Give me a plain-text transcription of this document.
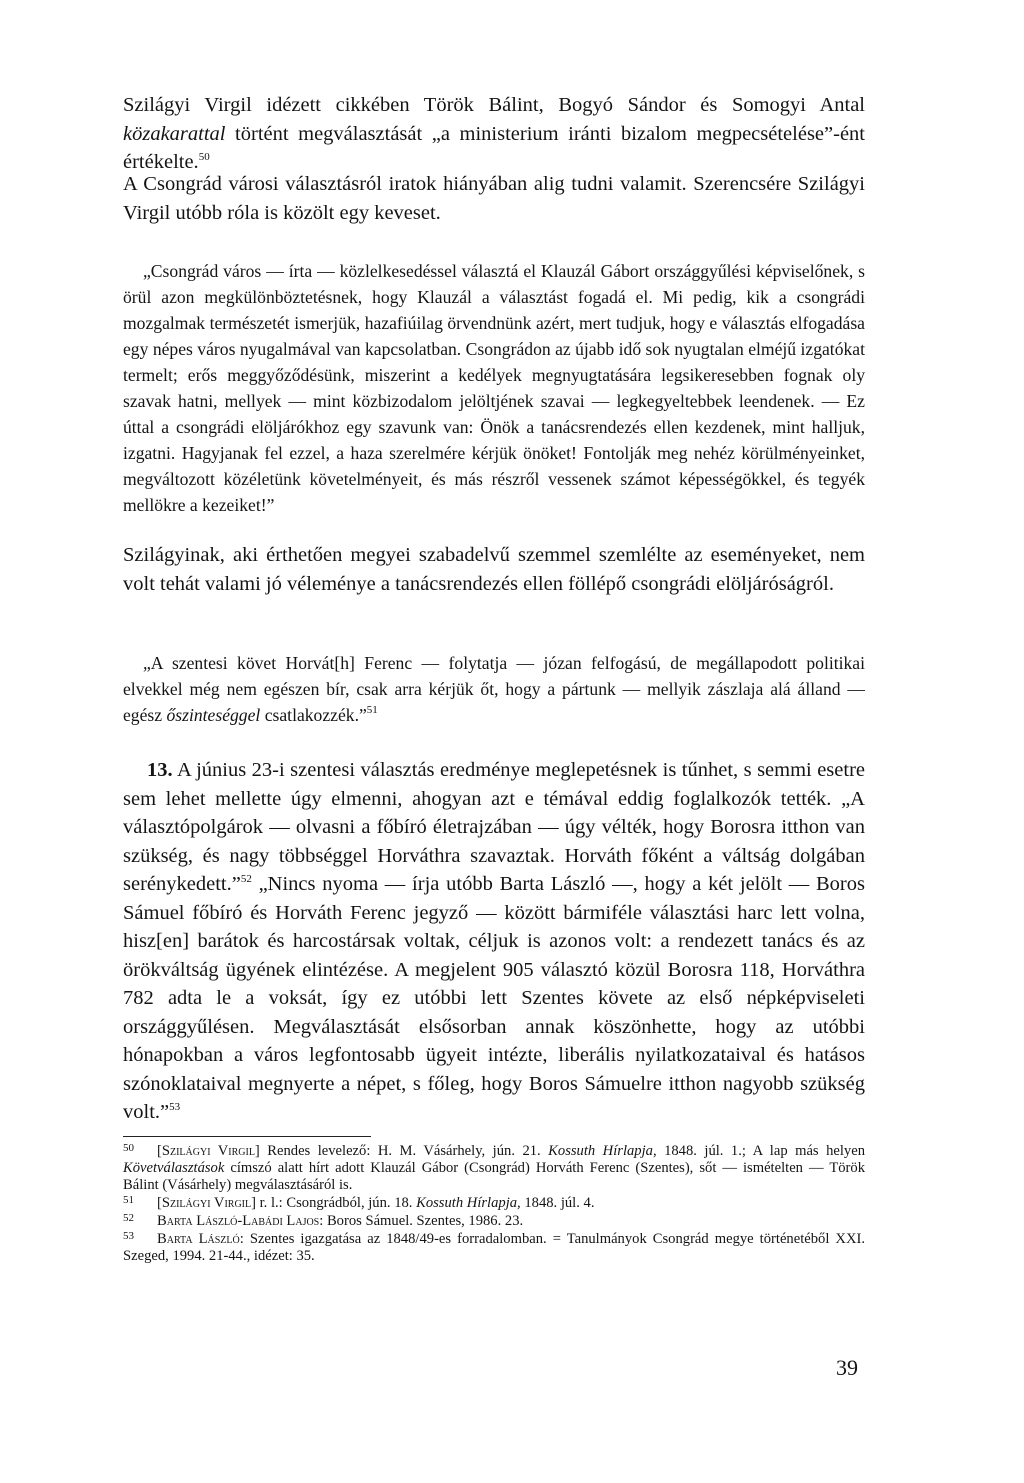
Szilágyi Virgil idézett cikkében Török Bálint, Bogyó Sándor és Somogyi Antal közakarattal történt megválasztását „a ministerium iránti bizalom megpecsételése”-ént értékelte.$^{50}$

A Csongrád városi választásról iratok hiányában alig tudni valamit. Szerencsére Szilágyi Virgil utóbb róla is közölt egy keveset.

„Csongrád város — írta — közlelkesedéssel választá el Klauzál Gábort országgyűlési képviselőnek, s örül azon megkülönböztetésnek, hogy Klauzál a választást fogadá el. Mi pedig, kik a csongrádi mozgalmak természetét ismerjük, hazafiúilag örvendnünk azért, mert tudjuk, hogy e választás elfogadása egy népes város nyugalmával van kapcsolatban. Csongrádon az újabb idő sok nyugtalan elméjű izgatókat termelt; erős meggyőződésünk, miszerint a kedélyek megnyugtatására legsikeresebben fognak oly szavak hatni, mellyek — mint közbizodalom jelöltjének szavai — legkegyeltebbek leendenek. — Ez úttal a csongrádi elöljárókhoz egy szavunk van: Önök a tanácsrendezés ellen kezdenek, mint halljuk, izgatni. Hagyjanak fel ezzel, a haza szerelmére kérjük önöket! Fontolják meg nehéz körülményeinket, megváltozott közéletünk követelményeit, és más részről vessenek számot képességökkel, és tegyék mellökre a kezeiket!”

Szilágyinak, aki érthetően megyei szabadelvű szemmel szemlélte az eseményeket, nem volt tehát valami jó véleménye a tanácsrendezés ellen föllépő csongrádi elöljáróságról.

„A szentesi követ Horvát[h] Ferenc — folytatja — józan felfogású, de megállapodott politikai elvekkel még nem egészen bír, csak arra kérjük őt, hogy a pártunk — mellyik zászlaja alá álland — egész őszinteséggel csatlakozzék.”$^{51}$

13. A június 23-i szentesi választás eredménye meglepetésnek is tűnhet, s semmi esetre sem lehet mellette úgy elmenni, ahogyan azt e témával eddig foglalkozók tették. „A választópolgárok — olvasni a főbíró életrajzában — úgy vélték, hogy Borosra itthon van szükség, és nagy többséggel Horváthra szavaztak. Horváth főként a váltság dolgában serénykedett.”$^{52}$ „Nincs nyoma — írja utóbb Barta László —, hogy a két jelölt — Boros Sámuel főbíró és Horváth Ferenc jegyző — között bármiféle választási harc lett volna, hisz[en] barátok és harcostársak voltak, céljuk is azonos volt: a rendezett tanács és az örökváltság ügyének elintézése. A megjelent 905 választó közül Borosra 118, Horváthra 782 adta le a voksát, így ez utóbbi lett Szentes követe az első népképviseleti országgyűlésen. Megválasztását elsősorban annak köszönhette, hogy az utóbbi hónapokban a város legfontosabb ügyeit intézte, liberális nyilatkozataival és hatásos szónoklataival megnyerte a népet, s főleg, hogy Boros Sámuelre itthon nagyobb szükség volt.”$^{53}$

50 [Szilágyi Virgil] Rendes levelező: H. M. Vásárhely, jún. 21. Kossuth Hírlapja, 1848. júl. 1.; A lap más helyen Követválasztások címszó alatt hírt adott Klauzál Gábor (Csongrád) Horváth Ferenc (Szentes), sőt — ismételten — Török Bálint (Vásárhely) megválasztásáról is.

51 [Szilágyi Virgil] r. l.: Csongrádból, jún. 18. Kossuth Hírlapja, 1848. júl. 4.

52 Barta László-Labádi Lajos: Boros Sámuel. Szentes, 1986. 23.

53 Barta László: Szentes igazgatása az 1848/49-es forradalomban. = Tanulmányok Csongrád megye történetéből XXI. Szeged, 1994. 21-44., idézet: 35.

39
